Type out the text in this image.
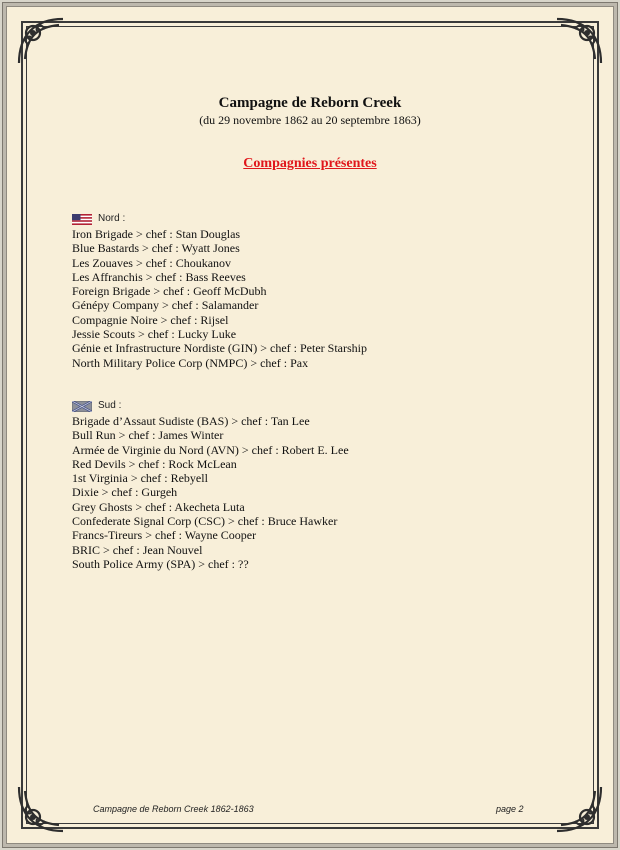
Campagne de Reborn Creek
(du 29 novembre 1862 au 20 septembre 1863)
Compagnies présentes
Nord :
Iron Brigade > chef : Stan Douglas
Blue Bastards > chef : Wyatt Jones
Les Zouaves > chef : Choukanov
Les Affranchis > chef : Bass Reeves
Foreign Brigade > chef : Geoff McDubh
Génépy Company > chef : Salamander
Compagnie Noire > chef : Rijsel
Jessie Scouts > chef : Lucky Luke
Génie et Infrastructure Nordiste (GIN) > chef : Peter Starship
North Military Police Corp (NMPC) > chef : Pax
Sud :
Brigade d’Assaut Sudiste (BAS) > chef : Tan Lee
Bull Run > chef : James Winter
Armée de Virginie du Nord (AVN) > chef : Robert E. Lee
Red Devils > chef : Rock McLean
1st Virginia > chef : Rebyell
Dixie > chef : Gurgeh
Grey Ghosts > chef : Akecheta Luta
Confederate Signal Corp (CSC) > chef : Bruce Hawker
Francs-Tireurs > chef : Wayne Cooper
BRIC > chef : Jean Nouvel
South Police Army (SPA) > chef : ??
Campagne de Reborn Creek 1862-1863	page 2
